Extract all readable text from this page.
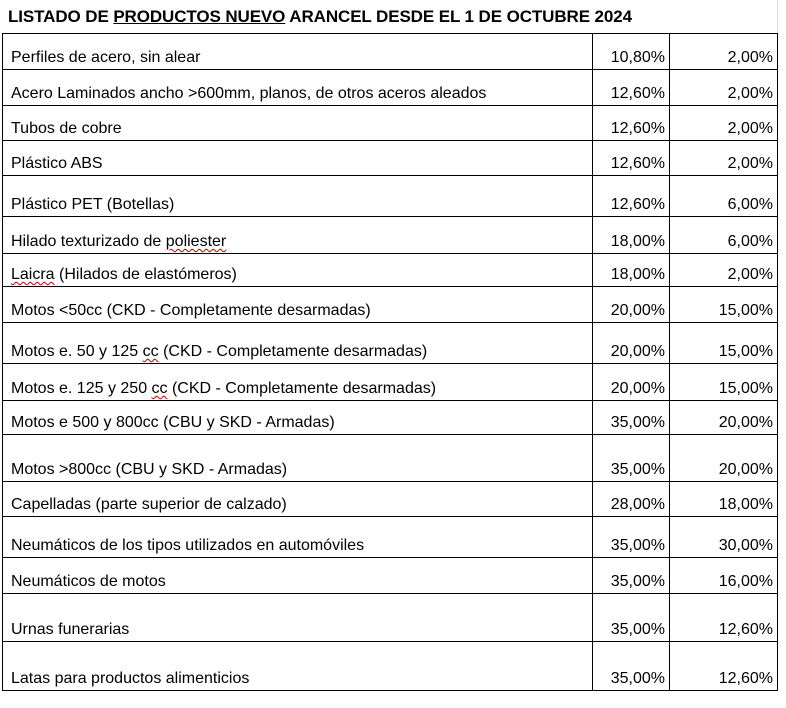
LISTADO DE PRODUCTOS NUEVO ARANCEL DESDE EL 1 DE OCTUBRE 2024
Perfiles de acero, sin alear	10,80%	2,00%
Acero Laminados ancho >600mm, planos, de otros aceros aleados	12,60%	2,00%
Tubos de cobre	12,60%	2,00%
Plástico ABS	12,60%	2,00%
Plástico PET (Botellas)	12,60%	6,00%
Hilado texturizado de poliester	18,00%	6,00%
Laicra (Hilados de elastómeros)	18,00%	2,00%
Motos <50cc (CKD - Completamente desarmadas)	20,00%	15,00%
Motos e. 50 y 125 cc (CKD - Completamente desarmadas)	20,00%	15,00%
Motos e. 125 y 250 cc (CKD - Completamente desarmadas)	20,00%	15,00%
Motos e 500 y 800cc (CBU y SKD - Armadas)	35,00%	20,00%
Motos >800cc (CBU y SKD - Armadas)	35,00%	20,00%
Capelladas (parte superior de calzado)	28,00%	18,00%
Neumáticos de los tipos utilizados en automóviles	35,00%	30,00%
Neumáticos de motos	35,00%	16,00%
Urnas funerarias	35,00%	12,60%
Latas para productos alimenticios	35,00%	12,60%
